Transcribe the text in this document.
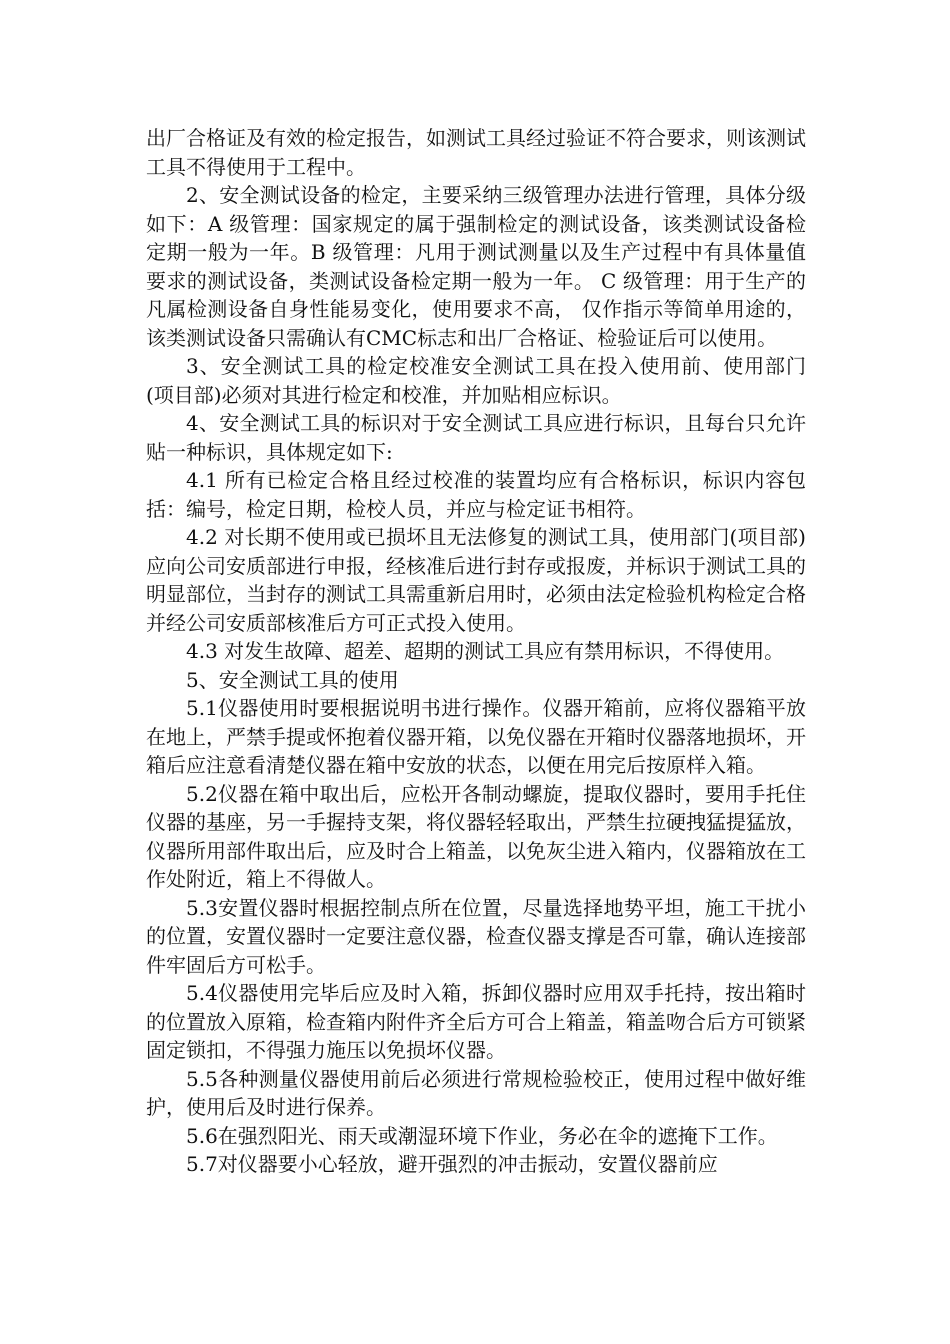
出厂合格证及有效的检定报告，如测试工具经过验证不符合要求，则该测试工具不得使用于工程中。

2、安全测试设备的检定，主要采纳三级管理办法进行管理，具体分级如下：A 级管理：国家规定的属于强制检定的测试设备，该类测试设备检定期一般为一年。B 级管理：凡用于测试测量以及生产过程中有具体量值要求的测试设备，类测试设备检定期一般为一年。 C 级管理：用于生产的凡属检测设备自身性能易变化，使用要求不高， 仅作指示等简单用途的，该类测试设备只需确认有CMC标志和出厂合格证、检验证后可以使用。

3、安全测试工具的检定校准安全测试工具在投入使用前、使用部门(项目部)必须对其进行检定和校准，并加贴相应标识。

4、安全测试工具的标识对于安全测试工具应进行标识，且每台只允许贴一种标识，具体规定如下:

4.1 所有已检定合格且经过校准的装置均应有合格标识，标识内容包括：编号，检定日期，检校人员，并应与检定证书相符。

4.2 对长期不使用或已损坏且无法修复的测试工具，使用部门(项目部)应向公司安质部进行申报，经核准后进行封存或报废，并标识于测试工具的明显部位，当封存的测试工具需重新启用时，必须由法定检验机构检定合格并经公司安质部核准后方可正式投入使用。

4.3 对发生故障、超差、超期的测试工具应有禁用标识，不得使用。

5、安全测试工具的使用

5.1仪器使用时要根据说明书进行操作。仪器开箱前，应将仪器箱平放在地上，严禁手提或怀抱着仪器开箱，以免仪器在开箱时仪器落地损坏，开箱后应注意看清楚仪器在箱中安放的状态，以便在用完后按原样入箱。

5.2仪器在箱中取出后，应松开各制动螺旋，提取仪器时，要用手托住仪器的基座，另一手握持支架，将仪器轻轻取出，严禁生拉硬拽猛提猛放，仪器所用部件取出后，应及时合上箱盖，以免灰尘进入箱内，仪器箱放在工作处附近，箱上不得做人。

5.3安置仪器时根据控制点所在位置，尽量选择地势平坦，施工干扰小的位置，安置仪器时一定要注意仪器，检查仪器支撑是否可靠，确认连接部件牢固后方可松手。

5.4仪器使用完毕后应及时入箱，拆卸仪器时应用双手托持，按出箱时的位置放入原箱，检查箱内附件齐全后方可合上箱盖，箱盖吻合后方可锁紧固定锁扣，不得强力施压以免损坏仪器。

5.5各种测量仪器使用前后必须进行常规检验校正，使用过程中做好维护，使用后及时进行保养。

5.6在强烈阳光、雨天或潮湿环境下作业，务必在伞的遮掩下工作。

5.7对仪器要小心轻放，避开强烈的冲击振动，安置仪器前应
